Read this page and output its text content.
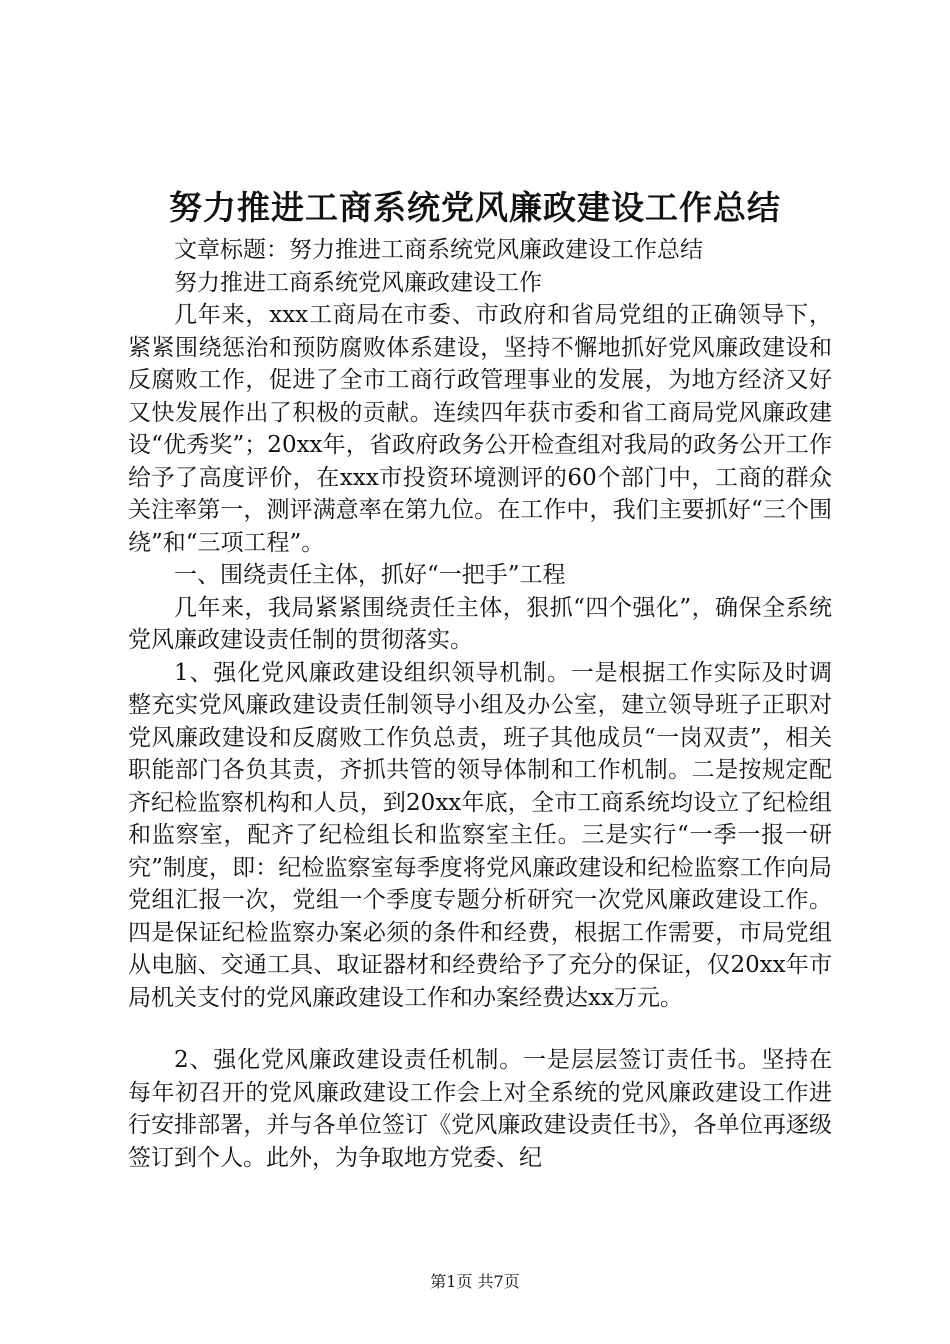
努力推进工商系统党风廉政建设工作总结

文章标题：努力推进工商系统党风廉政建设工作总结

努力推进工商系统党风廉政建设工作

几年来，xxx工商局在市委、市政府和省局党组的正确领导下，紧紧围绕惩治和预防腐败体系建设，坚持不懈地抓好党风廉政建设和反腐败工作，促进了全市工商行政管理事业的发展，为地方经济又好又快发展作出了积极的贡献。连续四年获市委和省工商局党风廉政建设“优秀奖”；20xx年，省政府政务公开检查组对我局的政务公开工作给予了高度评价，在xxx市投资环境测评的60个部门中，工商的群众关注率第一，测评满意率在第九位。在工作中，我们主要抓好“三个围绕”和“三项工程”。

一、围绕责任主体，抓好“一把手”工程

几年来，我局紧紧围绕责任主体，狠抓“四个强化”，确保全系统党风廉政建设责任制的贯彻落实。

1、强化党风廉政建设组织领导机制。一是根据工作实际及时调整充实党风廉政建设责任制领导小组及办公室，建立领导班子正职对党风廉政建设和反腐败工作负总责，班子其他成员“一岗双责”，相关职能部门各负其责，齐抓共管的领导体制和工作机制。二是按规定配齐纪检监察机构和人员，到20xx年底，全市工商系统均设立了纪检组和监察室，配齐了纪检组长和监察室主任。三是实行“一季一报一研究”制度，即：纪检监察室每季度将党风廉政建设和纪检监察工作向局党组汇报一次，党组一个季度专题分析研究一次党风廉政建设工作。四是保证纪检监察办案必须的条件和经费，根据工作需要，市局党组从电脑、交通工具、取证器材和经费给予了充分的保证，仅20xx年市局机关支付的党风廉政建设工作和办案经费达xx万元。

2、强化党风廉政建设责任机制。一是层层签订责任书。坚持在每年初召开的党风廉政建设工作会上对全系统的党风廉政建设工作进行安排部署，并与各单位签订《党风廉政建设责任书》，各单位再逐级签订到个人。此外，为争取地方党委、纪

第1页 共7页
